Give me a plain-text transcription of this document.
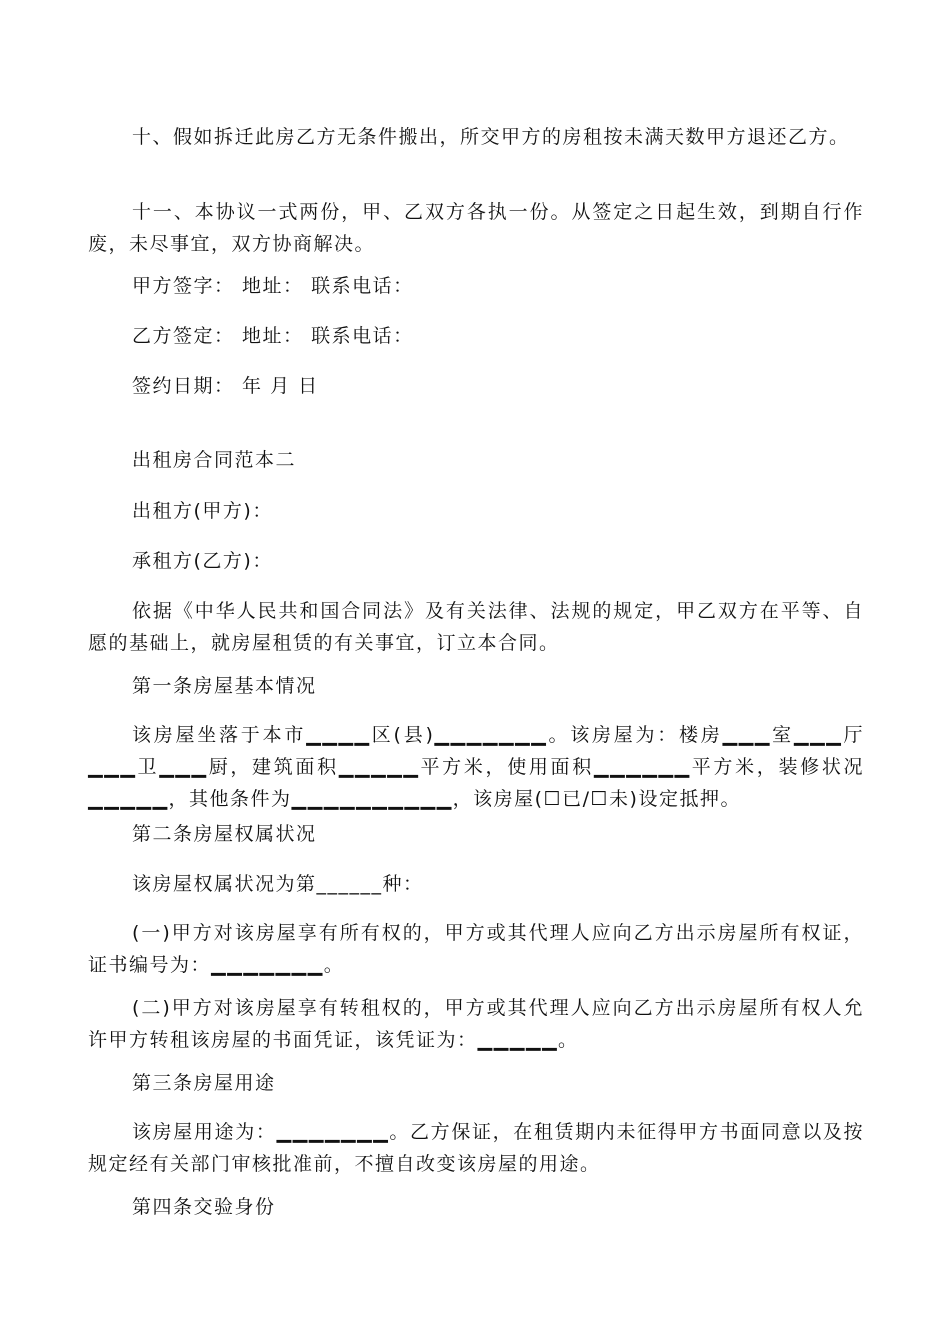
十、假如拆迁此房乙方无条件搬出，所交甲方的房租按未满天数甲方退还乙方。

十一、本协议一式两份，甲、乙双方各执一份。从签定之日起生效，到期自行作废，未尽事宜，双方协商解决。

甲方签字： 地址： 联系电话：

乙方签定： 地址： 联系电话：

签约日期： 年 月 日

出租房合同范本二

出租方(甲方)：

承租方(乙方)：

依据《中华人民共和国合同法》及有关法律、法规的规定，甲乙双方在平等、自愿的基础上，就房屋租赁的有关事宜，订立本合同。

第一条房屋基本情况

该房屋坐落于本市▁▁▁▁区(县)▁▁▁▁▁▁▁。该房屋为：楼房▁▁▁室▁▁▁厅▁▁▁卫▁▁▁厨，建筑面积▁▁▁▁▁平方米，使用面积▁▁▁▁▁▁平方米，装修状况▁▁▁▁▁，其他条件为▁▁▁▁▁▁▁▁▁▁，该房屋(☐已/☐未)设定抵押。

第二条房屋权属状况

该房屋权属状况为第______种：

(一)甲方对该房屋享有所有权的，甲方或其代理人应向乙方出示房屋所有权证，证书编号为：▁▁▁▁▁▁▁。

(二)甲方对该房屋享有转租权的，甲方或其代理人应向乙方出示房屋所有权人允许甲方转租该房屋的书面凭证，该凭证为：▁▁▁▁▁。

第三条房屋用途

该房屋用途为：▁▁▁▁▁▁▁。乙方保证，在租赁期内未征得甲方书面同意以及按规定经有关部门审核批准前，不擅自改变该房屋的用途。

第四条交验身份
